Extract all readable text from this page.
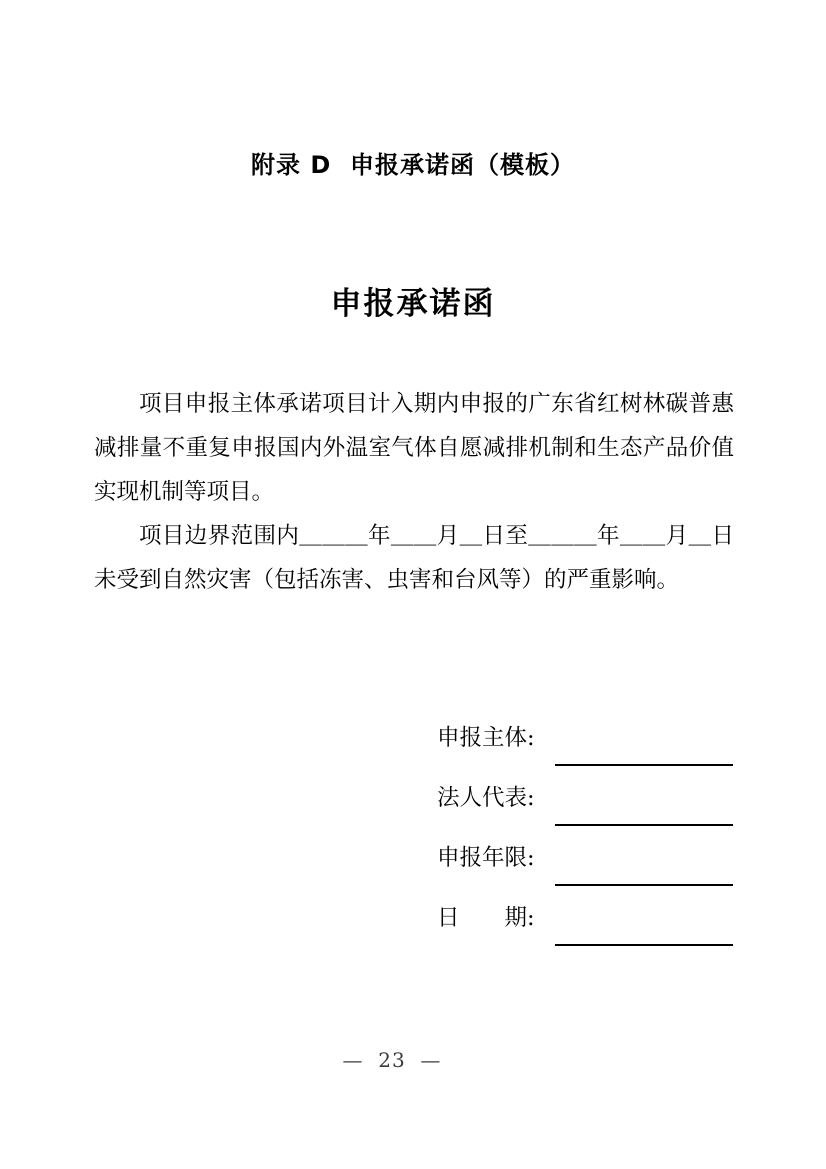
附录 D  申报承诺函（模板）
申报承诺函

项目申报主体承诺项目计入期内申报的广东省红树林碳普惠减排量不重复申报国内外温室气体自愿减排机制和生态产品价值实现机制等项目。

项目边界范围内＿＿＿年＿＿月＿日至＿＿＿年＿＿月＿日未受到自然灾害（包括冻害、虫害和台风等）的严重影响。

申报主体:
法人代表:
申报年限:
日　　期:
—  23  —
